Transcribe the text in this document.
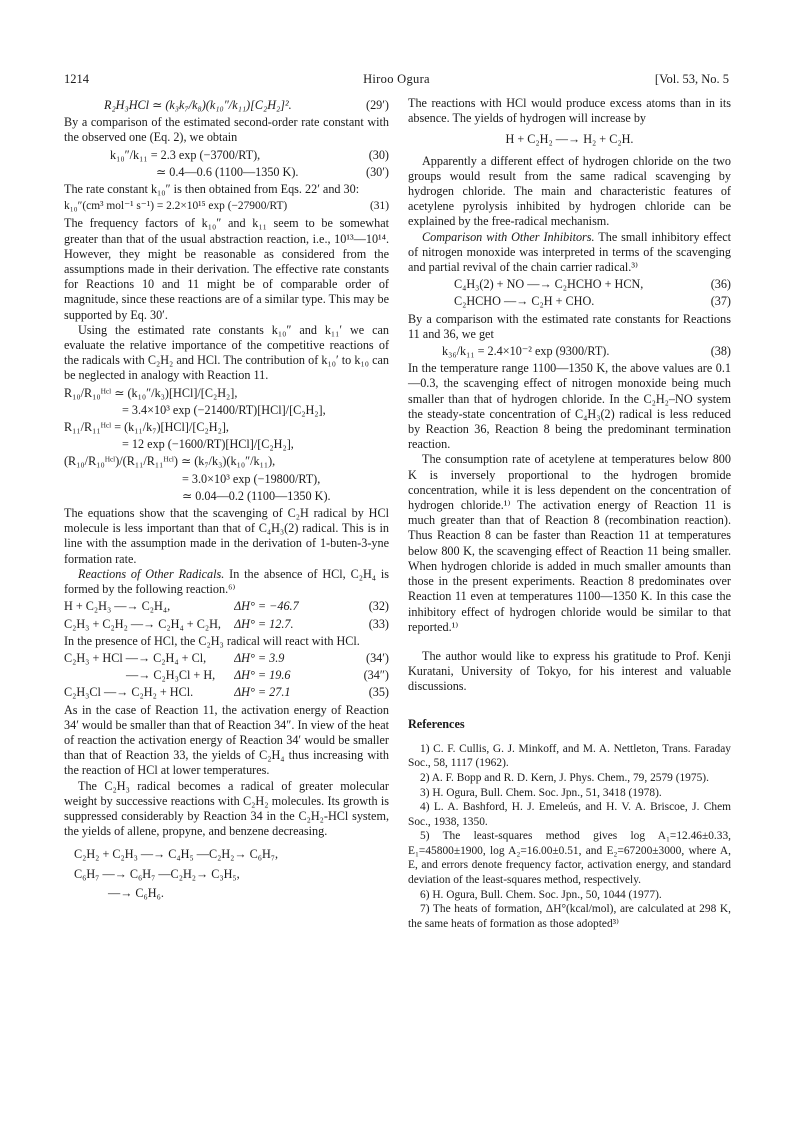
1214	Hiroo Ogura	[Vol. 53, No. 5
R₂H₃HCl ≃ (k₃k₇/k₈)(k₁₀″/k₁₁)[C₂H₂]².	(29′)

By a comparison of the estimated second-order rate constant with the observed one (Eq. 2), we obtain

k₁₀″/k₁₁ = 2.3 exp (−3700/RT),	(30)
≃ 0.4—0.6 (1100—1350 K).	(30′)

The rate constant k₁₀″ is then obtained from Eqs. 22′ and 30:

k₁₀″(cm³ mol⁻¹ s⁻¹) = 2.2×10¹⁵ exp (−27900/RT)	(31)

The frequency factors of k₁₀″ and k₁₁ seem to be somewhat greater than that of the usual abstraction reaction, i.e., 10¹³—10¹⁴. However, they might be reasonable as considered from the assumptions made in their derivation. The effective rate constants for Reactions 10 and 11 might be of comparable order of magnitude, since these reactions are of a similar type. This may be supported by Eq. 30′.

Using the estimated rate constants k₁₀″ and k₁₁′ we can evaluate the relative importance of the competitive reactions of the radicals with C₂H₂ and HCl. The contribution of k₁₀′ to k₁₀ can be neglected in analogy with Reaction 11.

R₁₀/R₁₀ᴴᶜˡ ≃ (k₁₀″/k₃)[HCl]/[C₂H₂],
= 3.4×10³ exp (−21400/RT)[HCl]/[C₂H₂],
R₁₁/R₁₁ᴴᶜˡ = (k₁₁/k₇)[HCl]/[C₂H₂],
= 12 exp (−1600/RT)[HCl]/[C₂H₂],
(R₁₀/R₁₀ᴴᶜˡ)/(R₁₁/R₁₁ᴴᶜˡ) ≃ (k₇/k₃)(k₁₀″/k₁₁),
= 3.0×10³ exp (−19800/RT),
≃ 0.04—0.2 (1100—1350 K).

The equations show that the scavenging of C₂H radical by HCl molecule is less important than that of C₄H₃(2) radical. This is in line with the assumption made in the derivation of 1-buten-3-yne formation rate.

Reactions of Other Radicals. In the absence of HCl, C₂H₄ is formed by the following reaction.⁶⁾

H + C₂H₃ —→ C₂H₄,	ΔH° = −46.7	(32)
C₂H₃ + C₂H₂ —→ C₂H₄ + C₂H,	ΔH° = 12.7.	(33)

In the presence of HCl, the C₂H₃ radical will react with HCl.

C₂H₃ + HCl —→ C₂H₄ + Cl,	ΔH° = 3.9	(34′)
—→ C₂H₃Cl + H,	ΔH° = 19.6	(34″)
C₂H₃Cl —→ C₂H₂ + HCl.	ΔH° = 27.1	(35)

As in the case of Reaction 11, the activation energy of Reaction 34′ would be smaller than that of Reaction 34″. In view of the heat of reaction the activation energy of Reaction 34′ would be smaller than that of Reaction 33, the yields of C₂H₄ thus increasing with the reaction of HCl at lower temperatures.

The C₂H₃ radical becomes a radical of greater molecular weight by successive reactions with C₂H₂ molecules. Its growth is suppressed considerably by Reaction 34 in the C₂H₂-HCl system, the yields of allene, propyne, and benzene decreasing.

C₂H₂ + C₂H₃ —→ C₄H₅ —C₂H₂→ C₆H₇,
C₆H₇ —→ C₆H₇ —C₂H₂→ C₃H₅,
—→ C₆H₆.

The reactions with HCl would produce excess atoms than in its absence. The yields of hydrogen will increase by

H + C₂H₂ —→ H₂ + C₂H.

Apparently a different effect of hydrogen chloride on the two groups would result from the same radical scavenging by hydrogen chloride. The main and characteristic features of acetylene pyrolysis inhibited by hydrogen chloride can be explained by the free-radical mechanism.

Comparison with Other Inhibitors. The small inhibitory effect of nitrogen monoxide was interpreted in terms of the scavenging and partial revival of the chain carrier radical.³⁾

C₄H₃(2) + NO —→ C₂HCHO + HCN,	(36)
C₂HCHO —→ C₂H + CHO.	(37)

By a comparison with the estimated rate constants for Reactions 11 and 36, we get

k₃₆/k₁₁ = 2.4×10⁻² exp (9300/RT).	(38)

In the temperature range 1100—1350 K, the above values are 0.1—0.3, the scavenging effect of nitrogen monoxide being much smaller than that of hydrogen chloride. In the C₂H₂–NO system the steady-state concentration of C₄H₃(2) radical is less reduced by Reaction 36, Reaction 8 being the predominant termination reaction.

The consumption rate of acetylene at temperatures below 800 K is inversely proportional to the hydrogen bromide concentration, while it is less dependent on the concentration of hydrogen chloride.¹⁾ The activation energy of Reaction 11 is much greater than that of Reaction 8 (recombination reaction). Thus Reaction 8 can be faster than Reaction 11 at temperatures below 800 K, the scavenging effect of Reaction 11 being smaller. When hydrogen chloride is added in much smaller amounts than those in the present experiments. Reaction 8 predominates over Reaction 11 even at temperatures 1100—1350 K. In this case the inhibitory effect of hydrogen chloride would be similar to that reported.¹⁾

The author would like to express his gratitude to Prof. Kenji Kuratani, University of Tokyo, for his interest and valuable discussions.

References

1) C. F. Cullis, G. J. Minkoff, and M. A. Nettleton, Trans. Faraday Soc., 58, 1117 (1962).

2) A. F. Bopp and R. D. Kern, J. Phys. Chem., 79, 2579 (1975).

3) H. Ogura, Bull. Chem. Soc. Jpn., 51, 3418 (1978).

4) L. A. Bashford, H. J. Emeleús, and H. V. A. Briscoe, J. Chem Soc., 1938, 1350.

5) The least-squares method gives log A₁=12.46±0.33, E₁=45800±1900, log A₂=16.00±0.51, and E₂=67200±3000, where A, E, and errors denote frequency factor, activation energy, and standard deviation of the least-squares method, respectively.

6) H. Ogura, Bull. Chem. Soc. Jpn., 50, 1044 (1977).

7) The heats of formation, ΔH°(kcal/mol), are calculated at 298 K, the same heats of formation as those adopted³⁾
